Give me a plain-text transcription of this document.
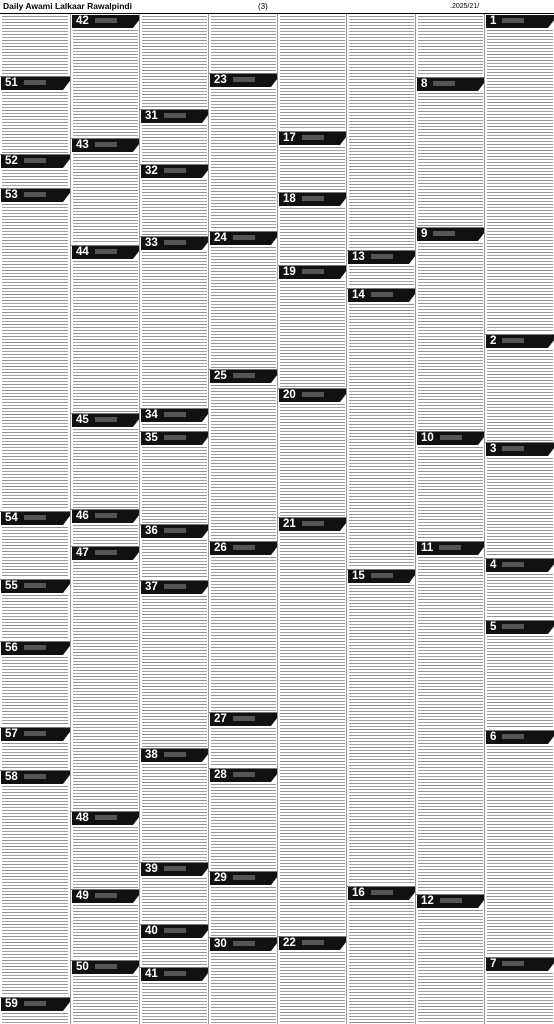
Daily Awami Lalkaar Rawalpindi	(3)	.2025/21/
51
52
53
54
55
56
57
58
59
42
43
44
45
46
47
48
49
50
31
32
33
34
35
36
37
38
39
40
41
23
24
25
26
27
28
29
30
17
18
19
20
21
22
13
14
15
16
8
9
10
11
12
1
2
3
4
5
6
7
